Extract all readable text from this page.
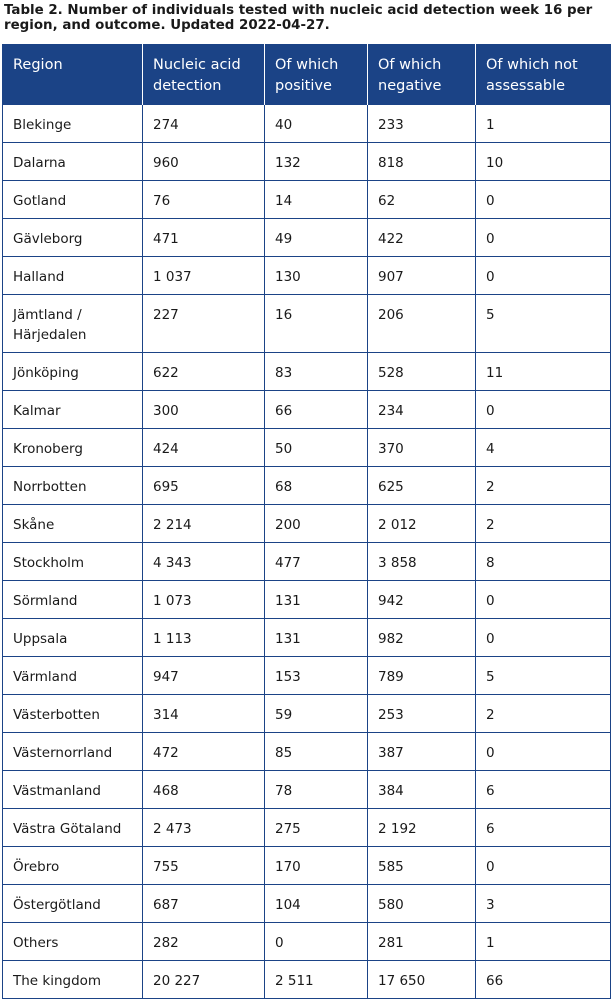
Table 2. Number of individuals tested with nucleic acid detection week 16 per region, and outcome. Updated 2022-04-27.

Region	Nucleic acid detection	Of which positive	Of which negative	Of which not assessable
Blekinge	274	40	233	1
Dalarna	960	132	818	10
Gotland	76	14	62	0
Gävleborg	471	49	422	0
Halland	1 037	130	907	0
Jämtland / Härjedalen	227	16	206	5
Jönköping	622	83	528	11
Kalmar	300	66	234	0
Kronoberg	424	50	370	4
Norrbotten	695	68	625	2
Skåne	2 214	200	2 012	2
Stockholm	4 343	477	3 858	8
Sörmland	1 073	131	942	0
Uppsala	1 113	131	982	0
Värmland	947	153	789	5
Västerbotten	314	59	253	2
Västernorrland	472	85	387	0
Västmanland	468	78	384	6
Västra Götaland	2 473	275	2 192	6
Örebro	755	170	585	0
Östergötland	687	104	580	3
Others	282	0	281	1
The kingdom	20 227	2 511	17 650	66
